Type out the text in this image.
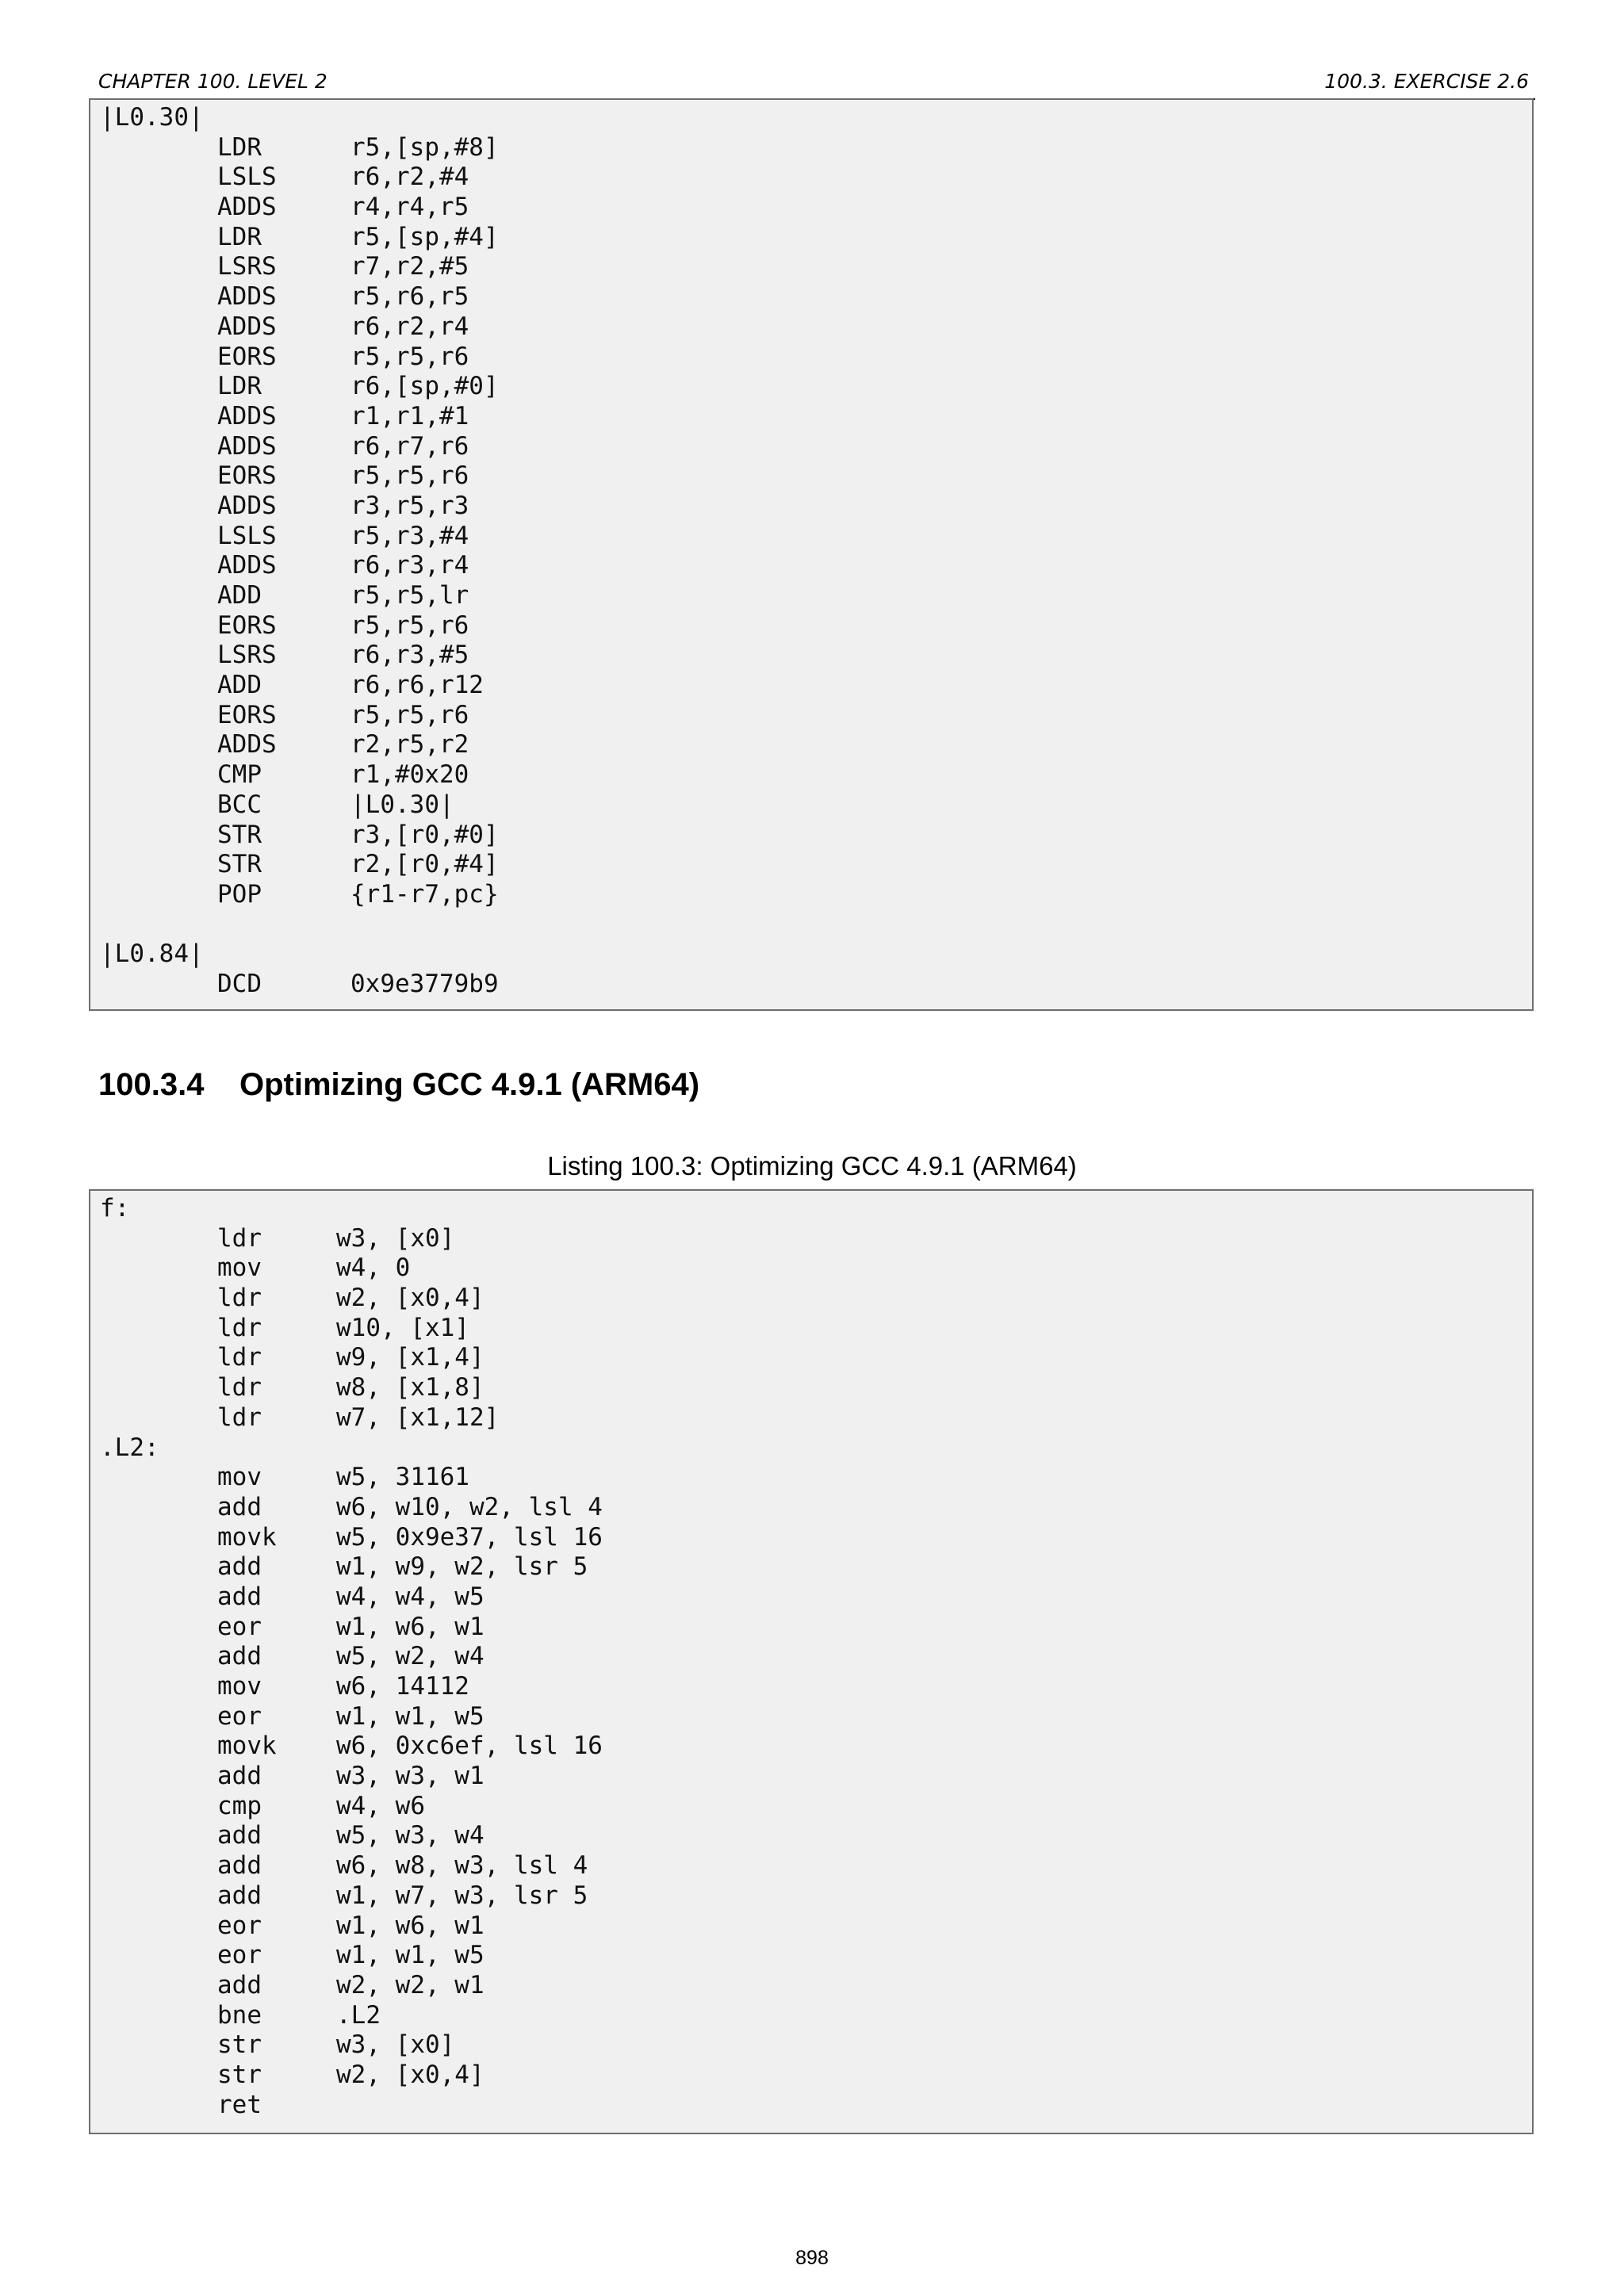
CHAPTER 100. LEVEL 2	100.3. EXERCISE 2.6
|L0.30|
LDR	r5,[sp,#8]
LSLS	r6,r2,#4
ADDS	r4,r4,r5
LDR	r5,[sp,#4]
LSRS	r7,r2,#5
ADDS	r5,r6,r5
ADDS	r6,r2,r4
EORS	r5,r5,r6
LDR	r6,[sp,#0]
ADDS	r1,r1,#1
ADDS	r6,r7,r6
EORS	r5,r5,r6
ADDS	r3,r5,r3
LSLS	r5,r3,#4
ADDS	r6,r3,r4
ADD	r5,r5,lr
EORS	r5,r5,r6
LSRS	r6,r3,#5
ADD	r6,r6,r12
EORS	r5,r5,r6
ADDS	r2,r5,r2
CMP	r1,#0x20
BCC	|L0.30|
STR	r3,[r0,#0]
STR	r2,[r0,#4]
POP	{r1-r7,pc}
|L0.84|
DCD	0x9e3779b9
100.3.4 Optimizing GCC 4.9.1 (ARM64)
Listing 100.3: Optimizing GCC 4.9.1 (ARM64)
f:
ldr	w3, [x0]
mov	w4, 0
ldr	w2, [x0,4]
ldr	w10, [x1]
ldr	w9, [x1,4]
ldr	w8, [x1,8]
ldr	w7, [x1,12]
.L2:
mov	w5, 31161
add	w6, w10, w2, lsl 4
movk w5, 0x9e37, lsl 16
add	w1, w9, w2, lsr 5
add	w4, w4, w5
eor	w1, w6, w1
add	w5, w2, w4
mov	w6, 14112
eor	w1, w1, w5
movk w6, 0xc6ef, lsl 16
add	w3, w3, w1
cmp	w4, w6
add	w5, w3, w4
add	w6, w8, w3, lsl 4
add	w1, w7, w3, lsr 5
eor	w1, w6, w1
eor	w1, w1, w5
add	w2, w2, w1
bne	.L2
str	w3, [x0]
str	w2, [x0,4]
ret
898
